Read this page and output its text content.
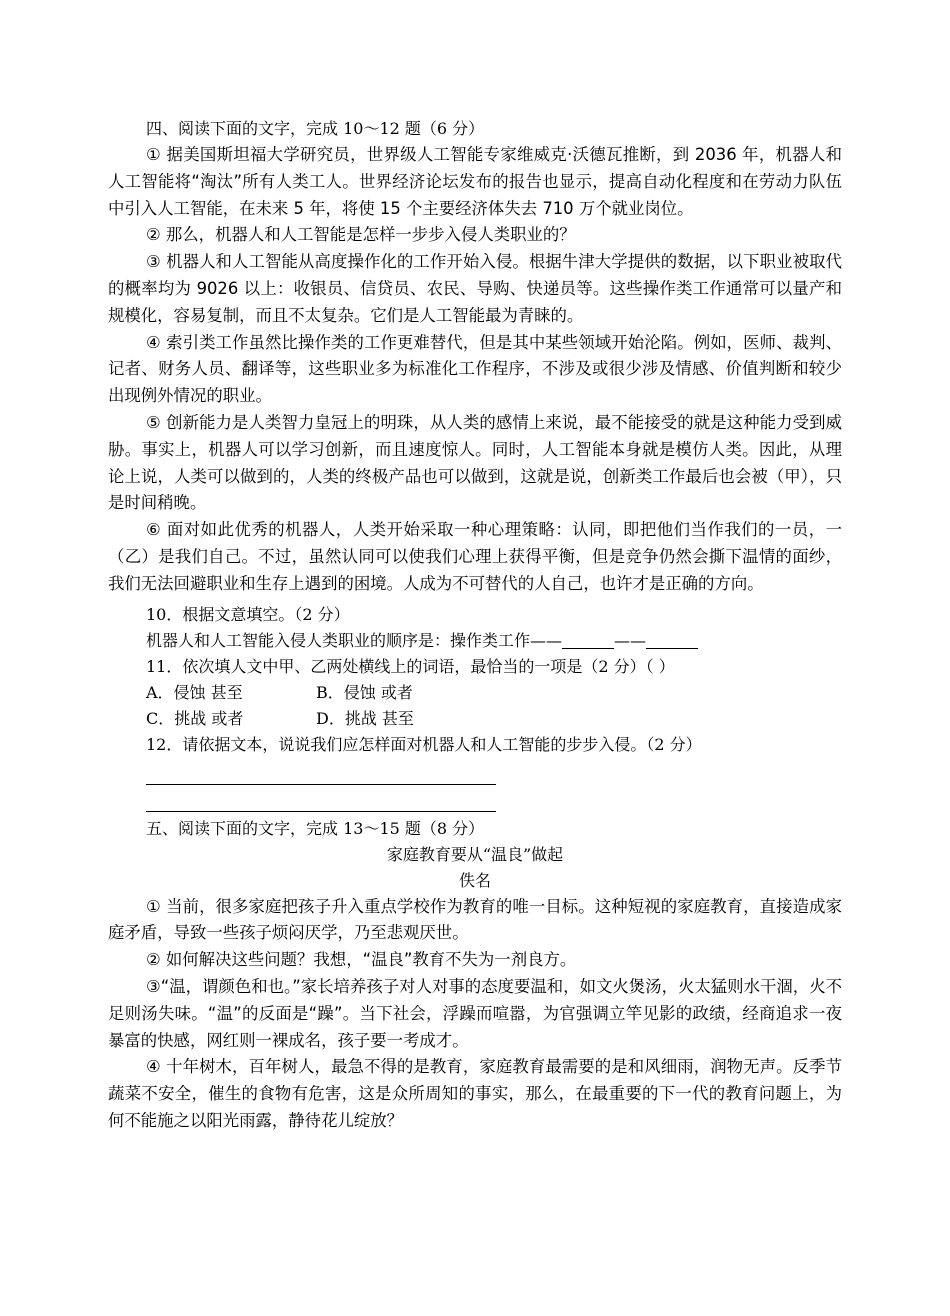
四、阅读下面的文字，完成 10～12 题（6 分）

① 据美国斯坦福大学研究员，世界级人工智能专家维威克·沃德瓦推断，到 2036 年，机器人和人工智能将“淘汰”所有人类工人。世界经济论坛发布的报告也显示，提高自动化程度和在劳动力队伍中引入人工智能，在未来 5 年，将使 15 个主要经济体失去 710 万个就业岗位。

② 那么，机器人和人工智能是怎样一步步入侵人类职业的？

③ 机器人和人工智能从高度操作化的工作开始入侵。根据牛津大学提供的数据，以下职业被取代的概率均为 9026 以上：收银员、信贷员、农民、导购、快递员等。这些操作类工作通常可以量产和规模化，容易复制，而且不太复杂。它们是人工智能最为青睐的。

④ 索引类工作虽然比操作类的工作更难替代，但是其中某些领域开始沦陷。例如，医师、裁判、记者、财务人员、翻译等，这些职业多为标准化工作程序，不涉及或很少涉及情感、价值判断和较少出现例外情况的职业。

⑤ 创新能力是人类智力皇冠上的明珠，从人类的感情上来说，最不能接受的就是这种能力受到威胁。事实上，机器人可以学习创新，而且速度惊人。同时，人工智能本身就是模仿人类。因此，从理论上说，人类可以做到的，人类的终极产品也可以做到，这就是说，创新类工作最后也会被（甲），只是时间稍晚。

⑥ 面对如此优秀的机器人，人类开始采取一种心理策略：认同，即把他们当作我们的一员，一（乙）是我们自己。不过，虽然认同可以使我们心理上获得平衡，但是竞争仍然会撕下温情的面纱，我们无法回避职业和生存上遇到的困境。人成为不可替代的人自己，也许才是正确的方向。

10．根据文意填空。（2 分）
机器人和人工智能入侵人类职业的顺序是：操作类工作——	——
11．依次填人文中甲、乙两处横线上的词语，最恰当的一项是（2 分）（ ）
A．侵蚀 甚至	B．侵蚀 或者
C．挑战 或者	D．挑战 甚至
12．请依据文本，说说我们应怎样面对机器人和人工智能的步步入侵。（2 分）
五、阅读下面的文字，完成 13～15 题（8 分）
家庭教育要从“温良”做起
佚名

① 当前，很多家庭把孩子升入重点学校作为教育的唯一目标。这种短视的家庭教育，直接造成家庭矛盾，导致一些孩子烦闷厌学，乃至悲观厌世。

② 如何解决这些问题？我想，“温良”教育不失为一剂良方。

③“温，谓颜色和也。”家长培养孩子对人对事的态度要温和，如文火煲汤，火太猛则水干涸，火不足则汤失味。“温”的反面是“躁”。当下社会，浮躁而喧嚣，为官强调立竿见影的政绩，经商追求一夜暴富的快感，网红则一裸成名，孩子要一考成才。

④ 十年树木，百年树人，最急不得的是教育，家庭教育最需要的是和风细雨，润物无声。反季节蔬菜不安全，催生的食物有危害，这是众所周知的事实，那么，在最重要的下一代的教育问题上，为何不能施之以阳光雨露，静待花儿绽放？
